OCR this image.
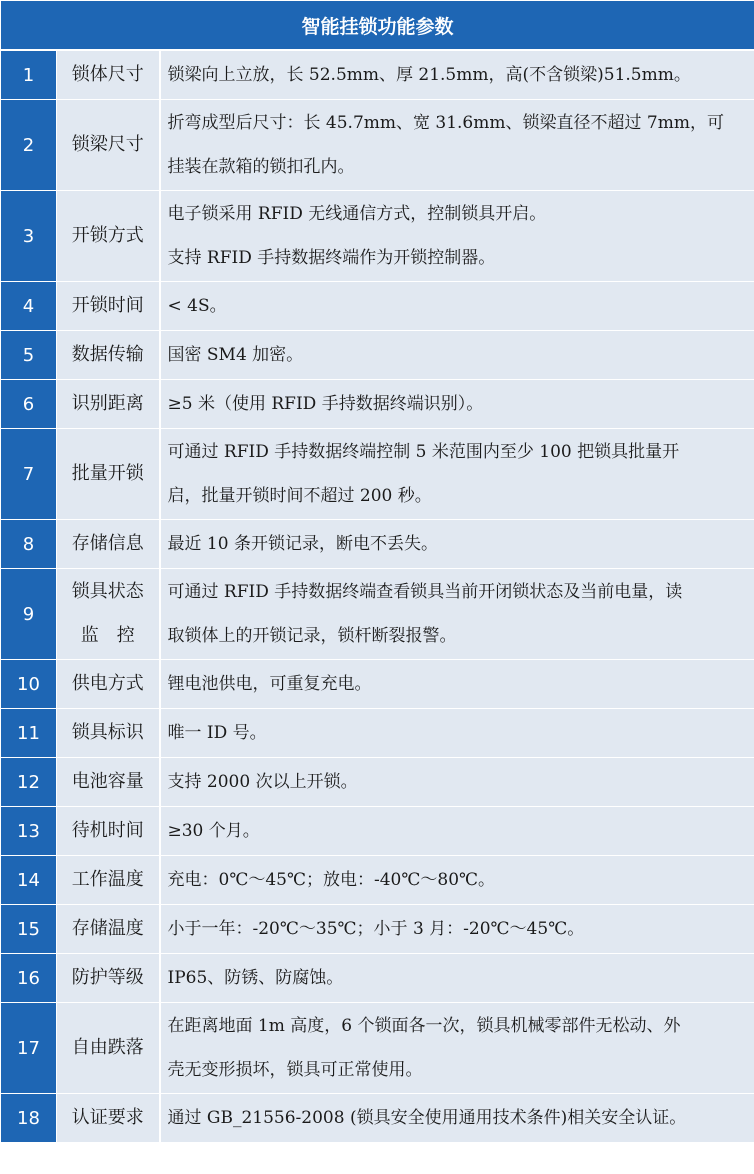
智能挂锁功能参数		
1	锁体尺寸	锁梁向上立放，长 52.5mm、厚 21.5mm，高(不含锁梁)51.5mm。

2	锁梁尺寸	折弯成型后尺寸：长 45.7mm、宽 31.6mm、锁梁直径不超过 7mm，可
挂装在款箱的锁扣孔内。

3	开锁方式	电子锁采用 RFID 无线通信方式，控制锁具开启。
支持 RFID 手持数据终端作为开锁控制器。

4	开锁时间	< 4S。

5	数据传输	国密 SM4 加密。

6	识别距离	≥5 米（使用 RFID 手持数据终端识别）。

7	批量开锁	可通过 RFID 手持数据终端控制 5 米范围内至少 100 把锁具批量开
启，批量开锁时间不超过 200 秒。

8	存储信息	最近 10 条开锁记录，断电不丢失。

9	锁具状态
监　控	可通过 RFID 手持数据终端查看锁具当前开闭锁状态及当前电量，读
取锁体上的开锁记录，锁杆断裂报警。

10	供电方式	锂电池供电，可重复充电。

11	锁具标识	唯一 ID 号。

12	电池容量	支持 2000 次以上开锁。

13	待机时间	≥30 个月。

14	工作温度	充电：0℃～45℃；放电：-40℃～80℃。

15	存储温度	小于一年：-20℃～35℃；小于 3 月：-20℃～45℃。

16	防护等级	IP65、防锈、防腐蚀。

17	自由跌落	在距离地面 1m 高度，6 个锁面各一次，锁具机械零部件无松动、外
壳无变形损坏，锁具可正常使用。

18	认证要求	通过 GB_21556-2008 (锁具安全使用通用技术条件)相关安全认证。
